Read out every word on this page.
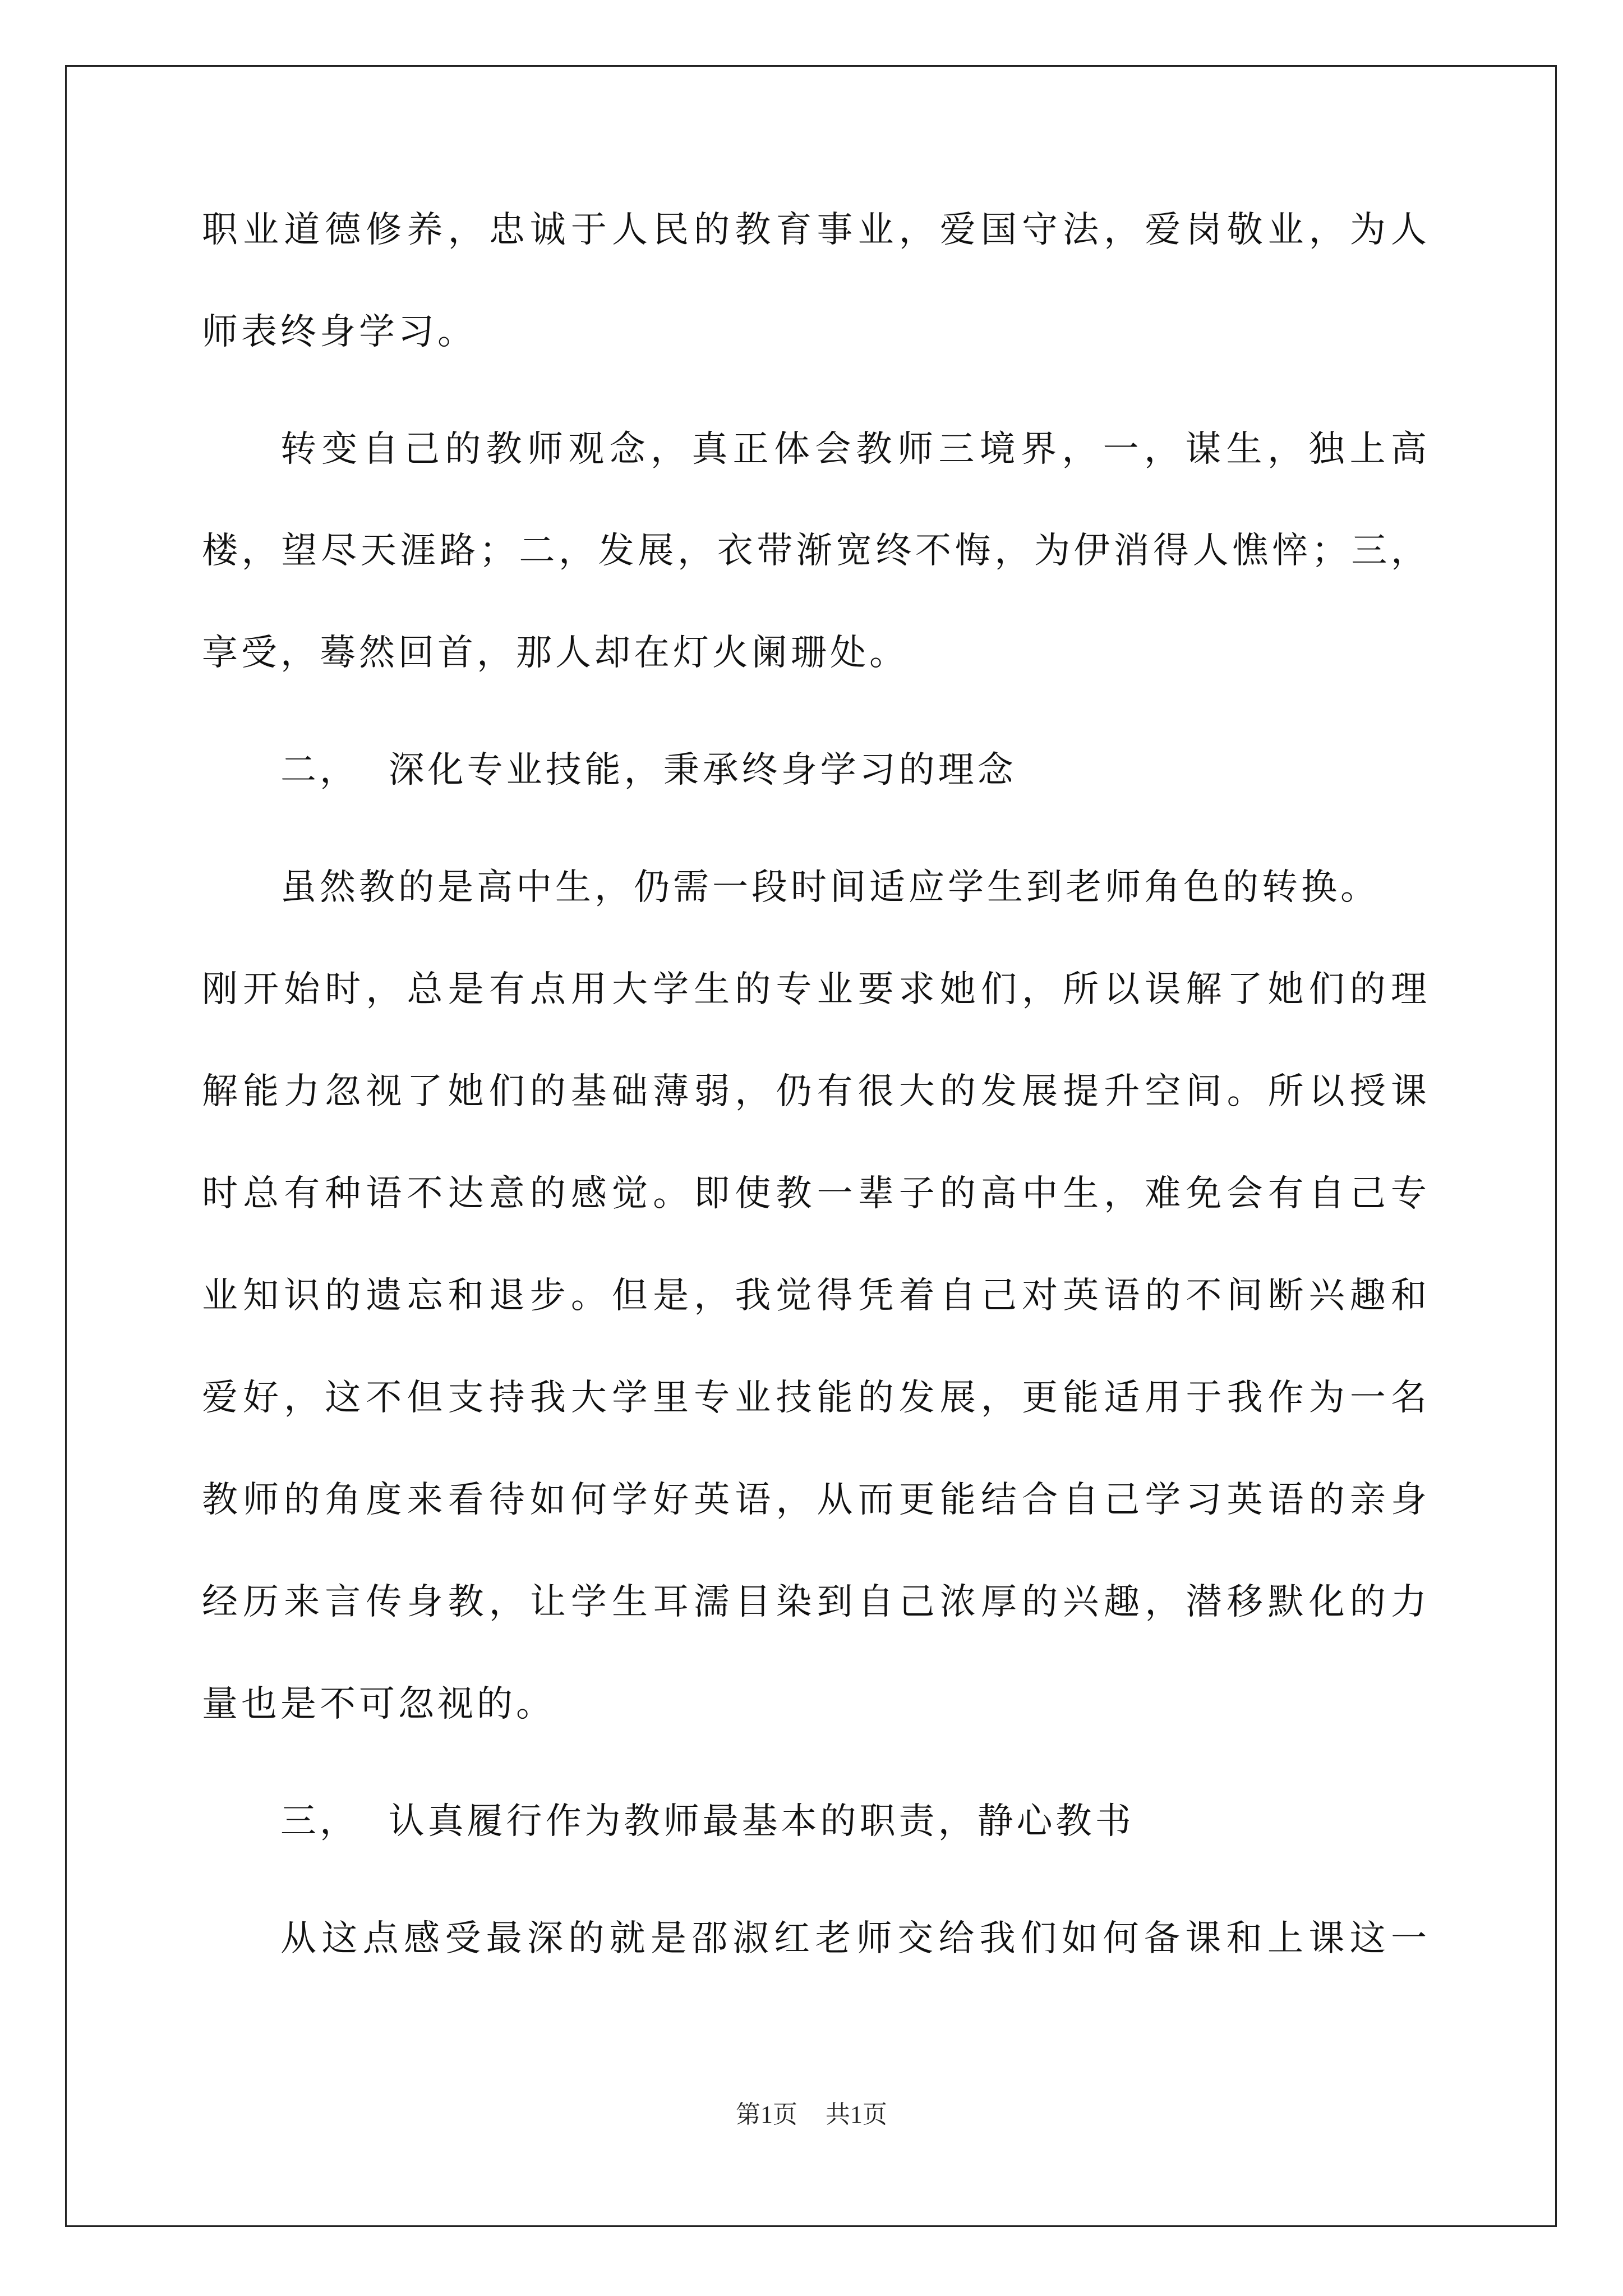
职业道德修养，忠诚于人民的教育事业，爱国守法，爱岗敬业，为人
师表终身学习。
转变自己的教师观念，真正体会教师三境界，一，谋生，独上高
楼，望尽天涯路；二，发展，衣带渐宽终不悔，为伊消得人憔悴；三，
享受，蓦然回首，那人却在灯火阑珊处。
二，  深化专业技能，秉承终身学习的理念
虽然教的是高中生，仍需一段时间适应学生到老师角色的转换。
刚开始时，总是有点用大学生的专业要求她们，所以误解了她们的理
解能力忽视了她们的基础薄弱，仍有很大的发展提升空间。所以授课
时总有种语不达意的感觉。即使教一辈子的高中生，难免会有自己专
业知识的遗忘和退步。但是，我觉得凭着自己对英语的不间断兴趣和
爱好，这不但支持我大学里专业技能的发展，更能适用于我作为一名
教师的角度来看待如何学好英语，从而更能结合自己学习英语的亲身
经历来言传身教，让学生耳濡目染到自己浓厚的兴趣，潜移默化的力
量也是不可忽视的。
三，  认真履行作为教师最基本的职责，静心教书
从这点感受最深的就是邵淑红老师交给我们如何备课和上课这一
第1页 共1页
